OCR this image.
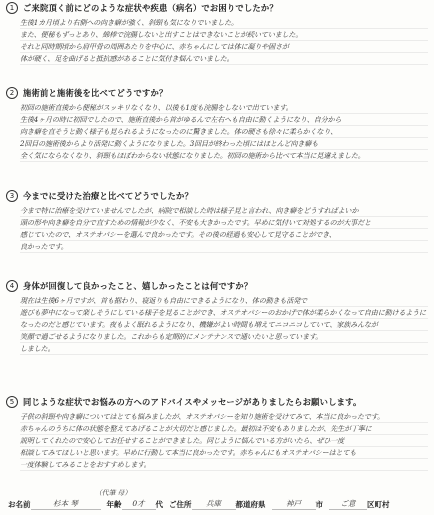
1	ご来院頂く前にどのような症状や疾患（病名）でお困りでしたか？
生後1カ月頃より右側への向き癖が強く、斜頸も気になりでいました。
また、便秘もずっとあり、綿棒で浣腸しないと出すことはできないことが続いていました。
それと同時期頃から肩甲骨の周囲あたりを中心に、赤ちゃんにしては体に凝りや固さが
体が硬く、足を曲げると抵抗感があることに気付き悩んでいました。
2	施術前と施術後を比べてどうですか？
初回の施術直後から便秘がスッキリなくなり、以後も1度も浣腸をしないで出ています。
生後4ヶ月の時に初回でしたので、施術直後から首がゆるんで左右へも自由に動くようになり、自分から
向き癖を直そうと動く様子も見られるようになったのに驚きました。体の硬さも徐々に柔らかくなり、
2回目の施術後からより活発に動くようになりました。3回目が終わった頃にはほとんど向き癖も
全く気にならなくなり、斜頸もほぼわからない状態になりました。初回の施術から比べて本当に見違えました。
3	今までに受けた治療と比べてどうでしたか？
今まで特に治療を受けていませんでしたが、病院で相談した時は様子見と言われ、向き癖をどうすればよいか
頭の形や向き癖を自分で直すための情報が少なく、不安も大きかったです。早めに気付いて対処するのが大事だと
感じていたので、オステオパシーを選んで良かったです。その後の経過も安心して見守ることができ、
良かったです。
4	身体が回復して良かったこと、嬉しかったことは何ですか？
現在は生後6ヶ月ですが、首も据わり、寝返りも自由にできるようになり、体の動きも活発で
遊びも夢中になって楽しそうにしている様子を見ることができ、オステオパシーのおかげで体が柔らかくなって自由に動けるように
なったのだと感じています。夜もよく眠れるようになり、機嫌がよい時間も増えてニコニコしていて、家族みんなが
笑顔で過ごせるようになりました。これからも定期的にメンテナンスで通いたいと思っています。
しました。
5	同じような症状でお悩みの方へのアドバイスやメッセージがありましたらお願いします。
子供の斜頸や向き癖についてはとても悩みましたが、オステオパシーを知り施術を受けてみて、本当に良かったです。
赤ちゃんのうちに体の状態を整えてあげることが大切だと感じました。最初は不安もありましたが、先生が丁寧に
説明してくれたので安心してお任せすることができました。同じように悩んでいる方がいたら、ぜひ一度
相談してみてほしいと思います。早めに行動して本当に良かったです。赤ちゃんにもオステオパシーはとても
一度体験してみることをおすすめします。
（代筆 母）
お名前	杉本 琴	年齢	0才	代 ご住所	兵庫	都道府県	神戸	市	ご意	区町村
